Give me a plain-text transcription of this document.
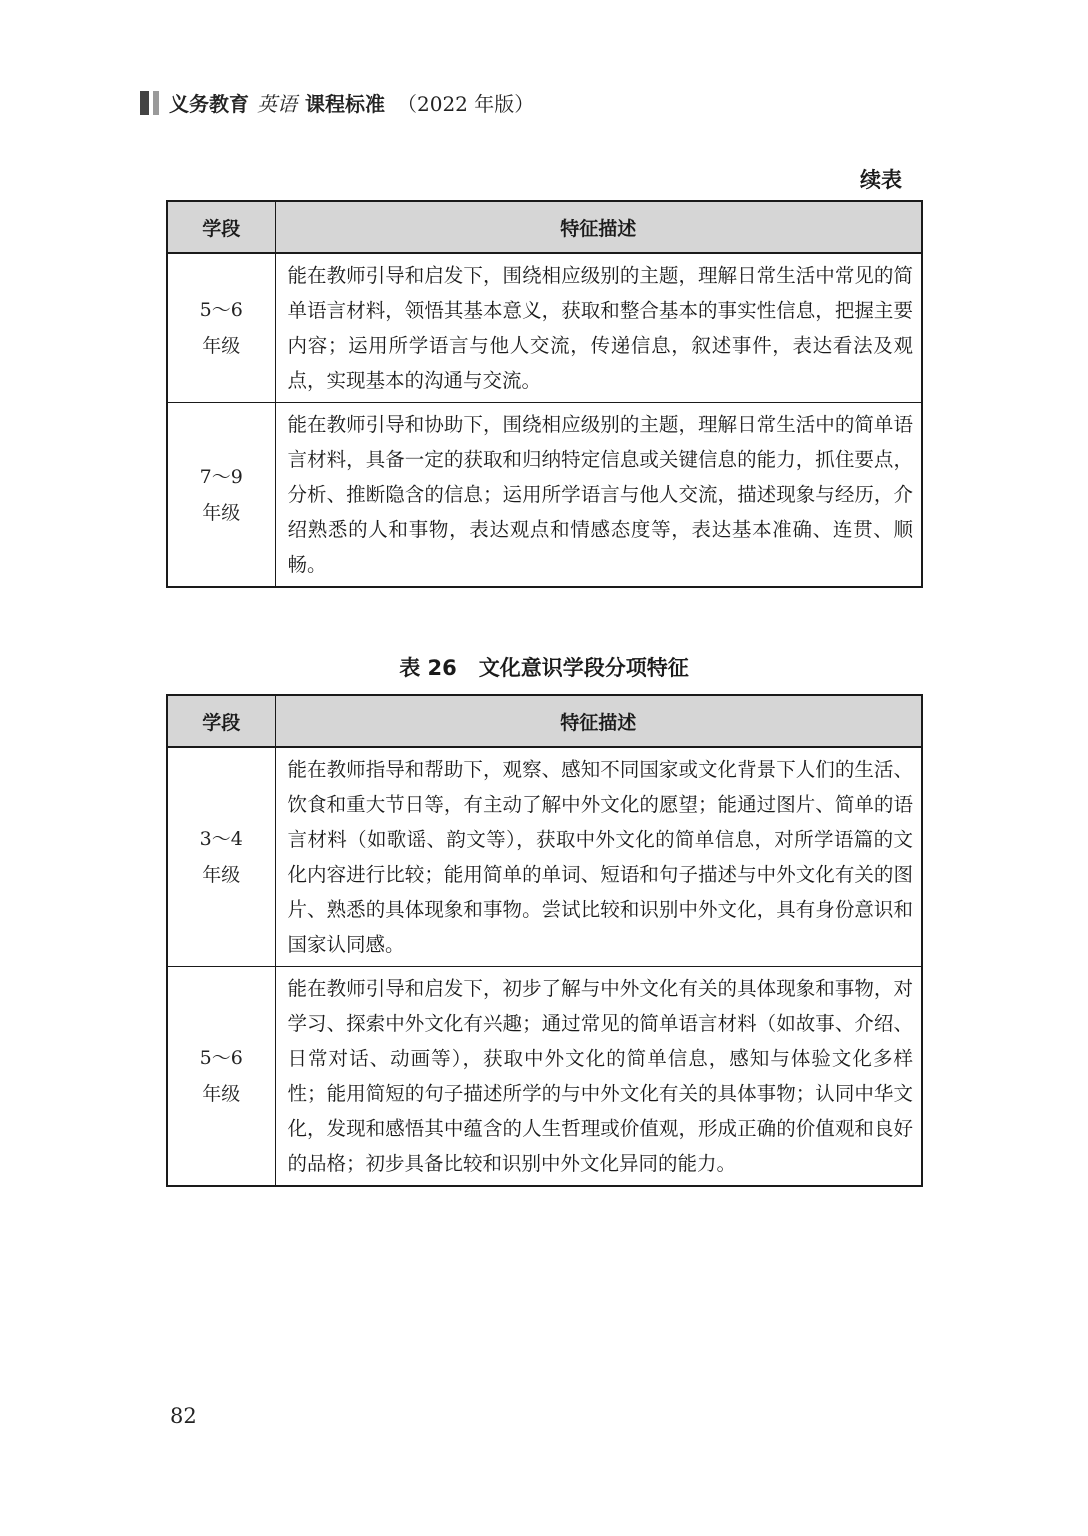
义务教育 英语 课程标准 （2022 年版）
续表
学段	特征描述

5～6
年级	能在教师引导和启发下，围绕相应级别的主题，理解日常生活中常见的简单语言材料，领悟其基本意义，获取和整合基本的事实性信息，把握主要内容；运用所学语言与他人交流，传递信息，叙述事件，表达看法及观点，实现基本的沟通与交流。

7～9
年级	能在教师引导和协助下，围绕相应级别的主题，理解日常生活中的简单语言材料，具备一定的获取和归纳特定信息或关键信息的能力，抓住要点，分析、推断隐含的信息；运用所学语言与他人交流，描述现象与经历，介绍熟悉的人和事物，表达观点和情感态度等，表达基本准确、连贯、顺畅。
表 26 文化意识学段分项特征
学段	特征描述

3～4
年级	能在教师指导和帮助下，观察、感知不同国家或文化背景下人们的生活、饮食和重大节日等，有主动了解中外文化的愿望；能通过图片、简单的语言材料（如歌谣、韵文等），获取中外文化的简单信息，对所学语篇的文化内容进行比较；能用简单的单词、短语和句子描述与中外文化有关的图片、熟悉的具体现象和事物。尝试比较和识别中外文化，具有身份意识和国家认同感。

5～6
年级	能在教师引导和启发下，初步了解与中外文化有关的具体现象和事物，对学习、探索中外文化有兴趣；通过常见的简单语言材料（如故事、介绍、日常对话、动画等），获取中外文化的简单信息，感知与体验文化多样性；能用简短的句子描述所学的与中外文化有关的具体事物；认同中华文化，发现和感悟其中蕴含的人生哲理或价值观，形成正确的价值观和良好的品格；初步具备比较和识别中外文化异同的能力。
82
